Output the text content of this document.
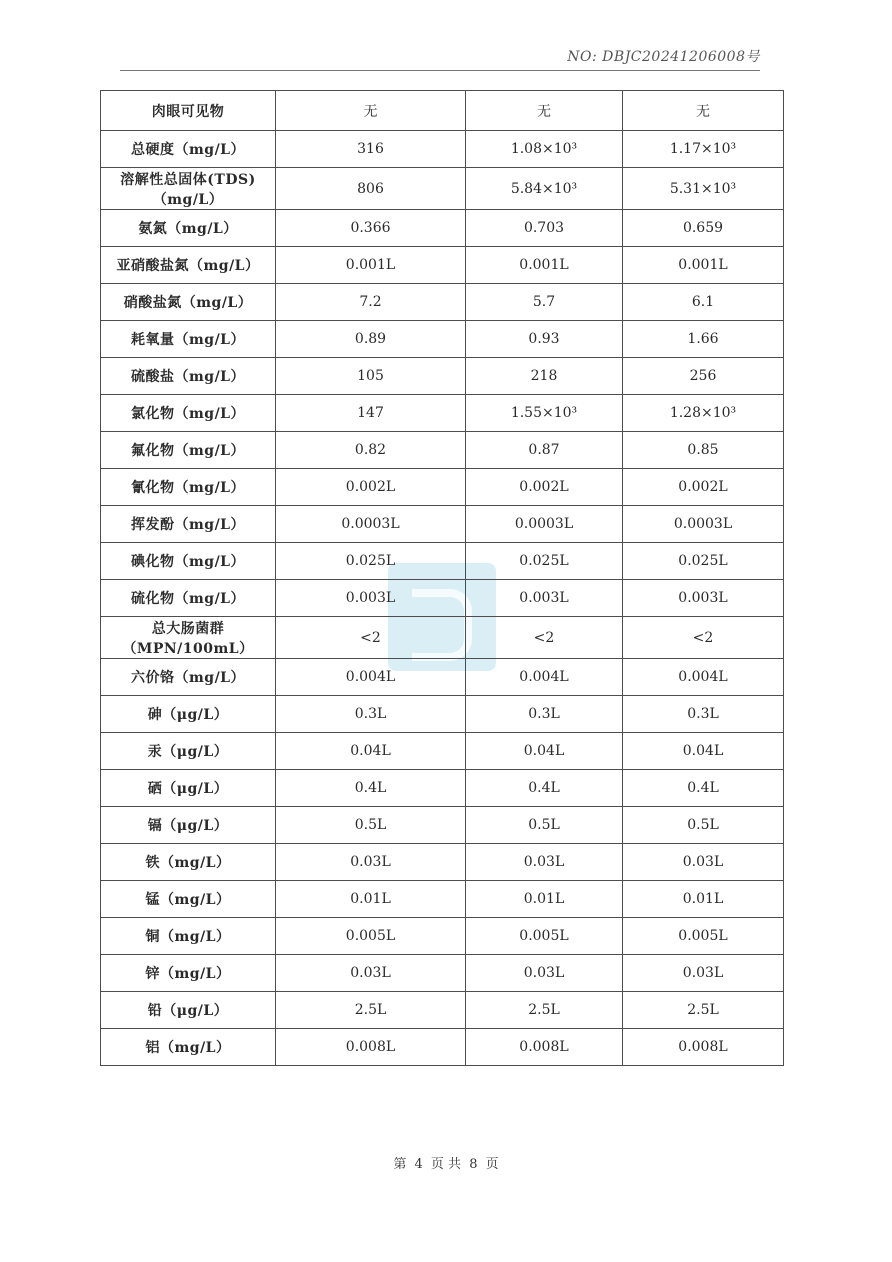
NO: DBJC20241206008号
肉眼可见物	无	无	无
总硬度（mg/L）	316	1.08×10³	1.17×10³
溶解性总固体(TDS)
（mg/L）	806	5.84×10³	5.31×10³
氨氮（mg/L）	0.366	0.703	0.659
亚硝酸盐氮（mg/L）	0.001L	0.001L	0.001L
硝酸盐氮（mg/L）	7.2	5.7	6.1
耗氧量（mg/L）	0.89	0.93	1.66
硫酸盐（mg/L）	105	218	256
氯化物（mg/L）	147	1.55×10³	1.28×10³
氟化物（mg/L）	0.82	0.87	0.85
氰化物（mg/L）	0.002L	0.002L	0.002L
挥发酚（mg/L）	0.0003L	0.0003L	0.0003L
碘化物（mg/L）	0.025L	0.025L	0.025L
硫化物（mg/L）	0.003L	0.003L	0.003L
总大肠菌群
（MPN/100mL）	<2	<2	<2
六价铬（mg/L）	0.004L	0.004L	0.004L
砷（μg/L）	0.3L	0.3L	0.3L
汞（μg/L）	0.04L	0.04L	0.04L
硒（μg/L）	0.4L	0.4L	0.4L
镉（μg/L）	0.5L	0.5L	0.5L
铁（mg/L）	0.03L	0.03L	0.03L
锰（mg/L）	0.01L	0.01L	0.01L
铜（mg/L）	0.005L	0.005L	0.005L
锌（mg/L）	0.03L	0.03L	0.03L
铅（μg/L）	2.5L	2.5L	2.5L
铝（mg/L）	0.008L	0.008L	0.008L
第 4 页 共 8 页
